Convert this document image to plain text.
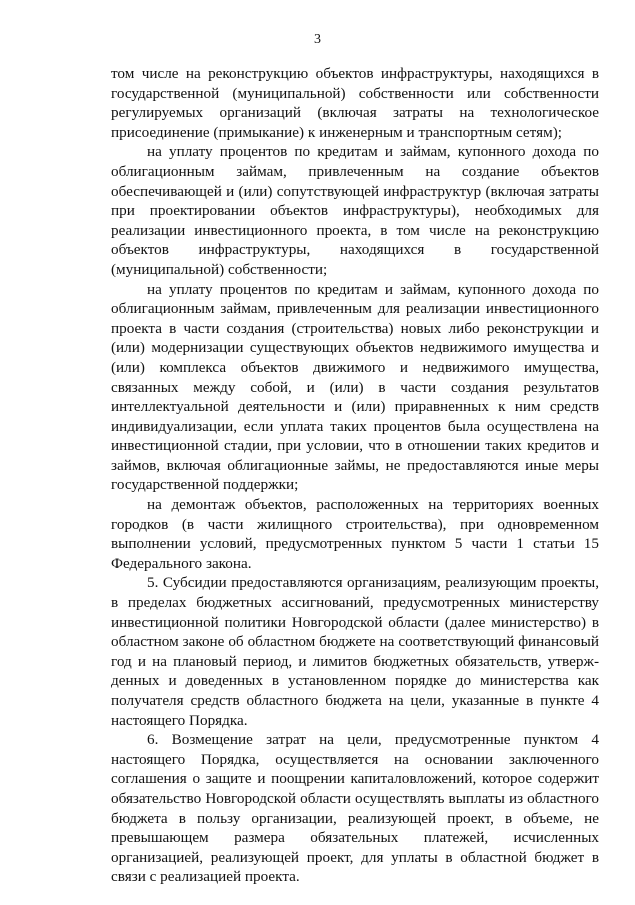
3

том числе на реконструкцию объектов инфраструктуры, находящихся в государственной (муниципальной) собственности или собственности регулируемых организаций (включая затраты на технологическое присоединение (примыкание) к инженерным и транспортным сетям);

на уплату процентов по кредитам и займам, купонного дохода по облигационным займам, привлеченным на создание объектов обеспечивающей и (или) сопутствующей инфраструктур (включая затраты при проектировании объектов инфраструктуры), необходимых для реализации инвестиционного проекта, в том числе на реконструкцию объектов инфраструктуры, находящихся в государственной (муниципальной) собственности;

на уплату процентов по кредитам и займам, купонного дохода по облигационным займам, привлеченным для реализации инвестиционного проекта в части создания (строительства) новых либо реконструкции и (или) модернизации существующих объектов недвижимого имущества и (или) комплекса объектов движимого и недвижимого имущества, связанных между собой, и (или) в части создания результатов интеллектуальной деятельности и (или) приравненных к ним средств индивидуализации, если уплата таких процентов была осуществлена на инвестиционной стадии, при условии, что в отношении таких кредитов и займов, включая облигационные займы, не предоставляются иные меры государственной поддержки;

на демонтаж объектов, расположенных на территориях военных городков (в части жилищного строительства), при одновременном выполнении условий, предусмотренных пунктом 5 части 1 статьи 15 Федерального закона.

5. Субсидии предоставляются организациям, реализующим проекты, в пределах бюджетных ассигнований, предусмотренных министерству инвестиционной политики Новгородской области (далее министерство) в областном законе об областном бюджете на соответствующий финансовый год и на плановый период, и лимитов бюджетных обязательств, утвержденных и доведенных в установленном порядке до министерства как получателя средств областного бюджета на цели, указанные в пункте 4 настоящего Порядка.

6. Возмещение затрат на цели, предусмотренные пунктом 4 настоящего Порядка, осуществляется на основании заключенного соглашения о защите и поощрении капиталовложений, которое содержит обязательство Новгородской области осуществлять выплаты из областного бюджета в пользу организации, реализующей проект, в объеме, не превышающем размера обязательных платежей, исчисленных организацией, реализующей проект, для уплаты в областной бюджет в связи с реализацией проекта.
